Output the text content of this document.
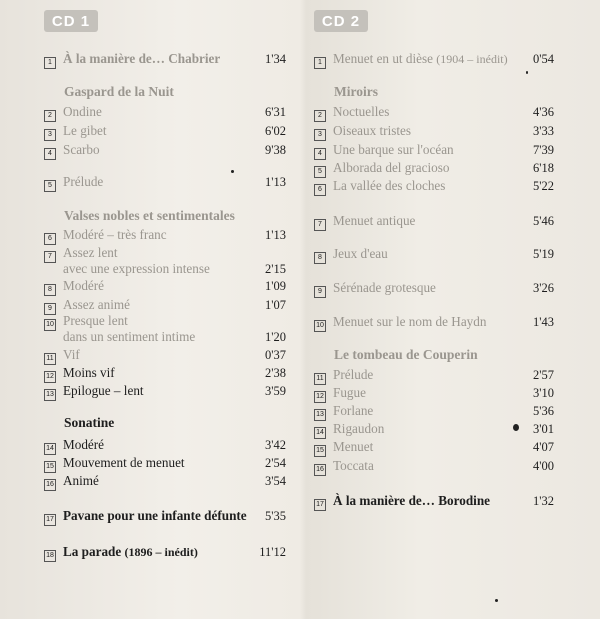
CD 1
1 À la manière de… Chabrier	1'34
Gaspard de la Nuit
2 Ondine	6'31
3 Le gibet	6'02
4 Scarbo	9'38
5 Prélude	1'13
Valses nobles et sentimentales
6 Modéré – très franc	1'13
7 Assez lent
avec une expression intense	2'15
8 Modéré	1'09
9 Assez animé	1'07
10 Presque lent
dans un sentiment intime	1'20
11 Vif	0'37
12 Moins vif	2'38
13 Epilogue – lent	3'59
Sonatine
14 Modéré	3'42
15 Mouvement de menuet	2'54
16 Animé	3'54
17 Pavane pour une infante défunte	5'35
18 La parade (1896 – inédit)	11'12
CD 2
1 Menuet en ut dièse (1904 – inédit)	0'54
Miroirs
2 Noctuelles	4'36
3 Oiseaux tristes	3'33
4 Une barque sur l'océan	7'39
5 Alborada del gracioso	6'18
6 La vallée des cloches	5'22
7 Menuet antique	5'46
8 Jeux d'eau	5'19
9 Sérénade grotesque	3'26
10 Menuet sur le nom de Haydn	1'43
Le tombeau de Couperin
11 Prélude	2'57
12 Fugue	3'10
13 Forlane	5'36
14 Rigaudon	3'01
15 Menuet	4'07
16 Toccata	4'00
17 À la manière de… Borodine	1'32
